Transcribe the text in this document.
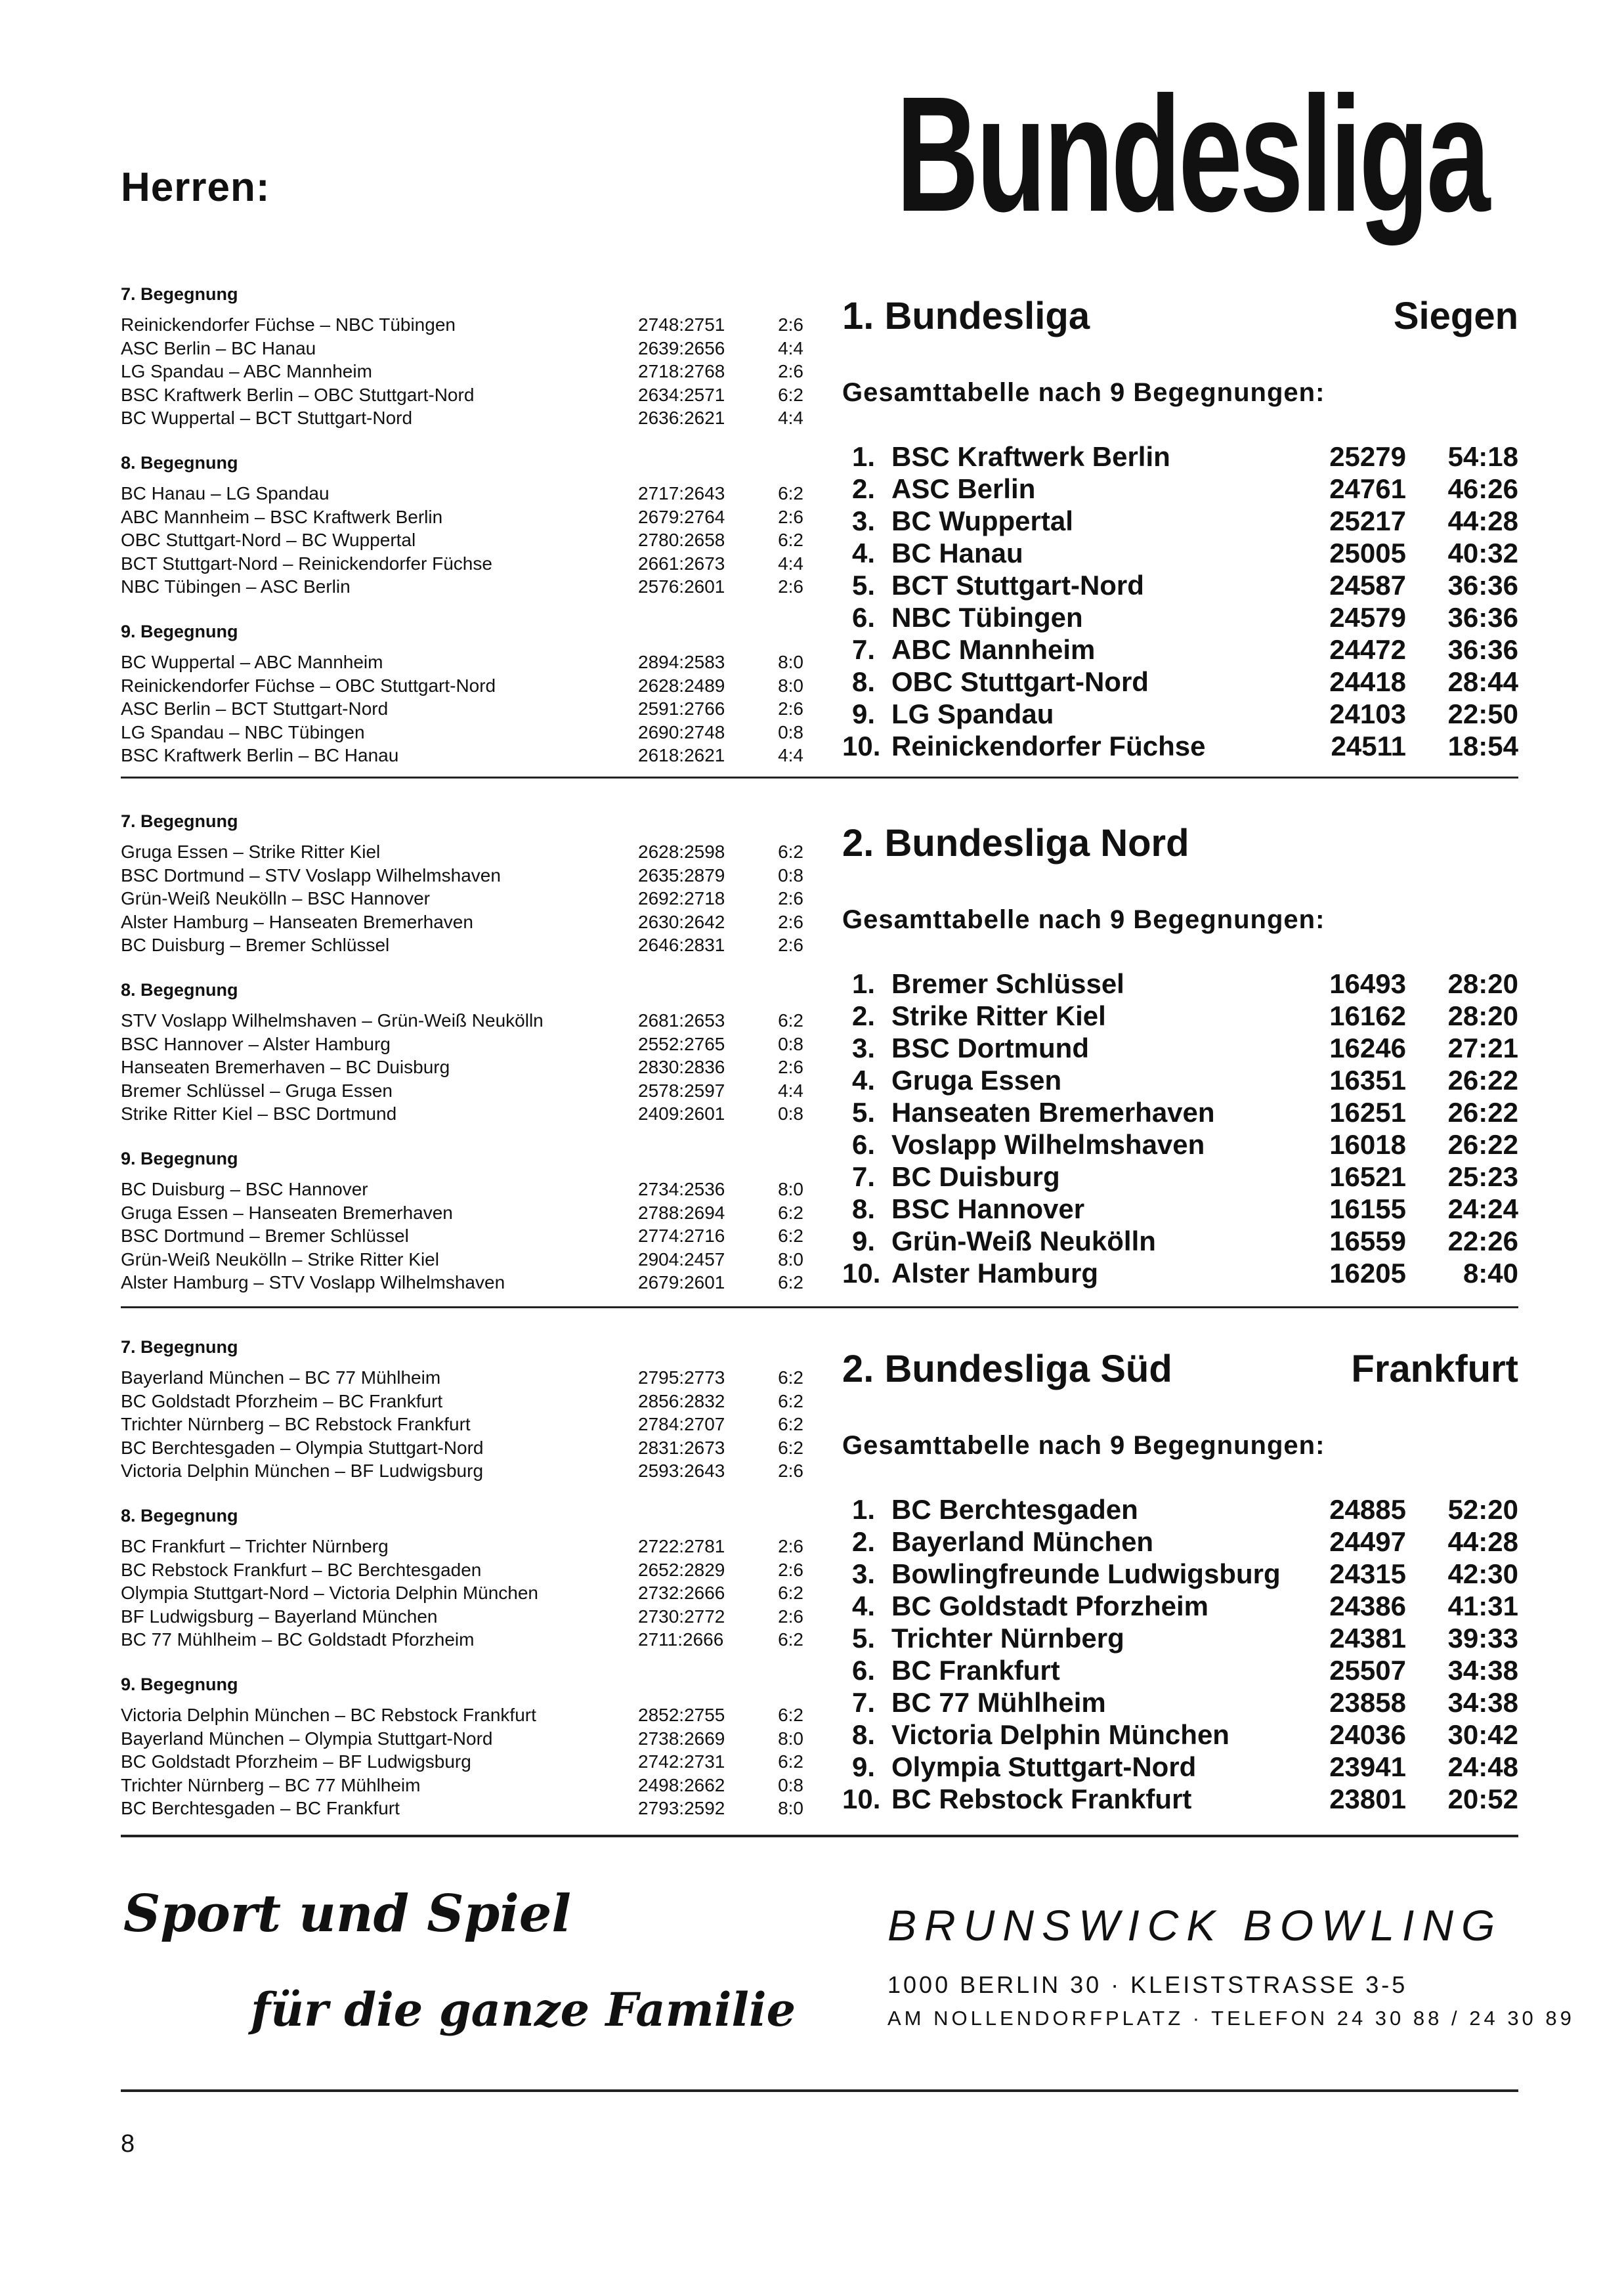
Herren:	Bundesliga
7. Begegnung
Reinickendorfer Füchse – NBC Tübingen	2748:2751	2:6
ASC Berlin – BC Hanau	2639:2656	4:4
LG Spandau – ABC Mannheim	2718:2768	2:6
BSC Kraftwerk Berlin – OBC Stuttgart-Nord	2634:2571	6:2
BC Wuppertal – BCT Stuttgart-Nord	2636:2621	4:4
8. Begegnung
BC Hanau – LG Spandau	2717:2643	6:2
ABC Mannheim – BSC Kraftwerk Berlin	2679:2764	2:6
OBC Stuttgart-Nord – BC Wuppertal	2780:2658	6:2
BCT Stuttgart-Nord – Reinickendorfer Füchse	2661:2673	4:4
NBC Tübingen – ASC Berlin	2576:2601	2:6
9. Begegnung
BC Wuppertal – ABC Mannheim	2894:2583	8:0
Reinickendorfer Füchse – OBC Stuttgart-Nord	2628:2489	8:0
ASC Berlin – BCT Stuttgart-Nord	2591:2766	2:6
LG Spandau – NBC Tübingen	2690:2748	0:8
BSC Kraftwerk Berlin – BC Hanau	2618:2621	4:4
1. Bundesliga	Siegen
Gesamttabelle nach 9 Begegnungen:
1. BSC Kraftwerk Berlin	25279 54:18
2. ASC Berlin	24761 46:26
3. BC Wuppertal	25217 44:28
4. BC Hanau	25005 40:32
5. BCT Stuttgart-Nord	24587 36:36
6. NBC Tübingen	24579 36:36
7. ABC Mannheim	24472 36:36
8. OBC Stuttgart-Nord	24418 28:44
9. LG Spandau	24103 22:50
10. Reinickendorfer Füchse	24511 18:54
7. Begegnung
Gruga Essen – Strike Ritter Kiel	2628:2598	6:2
BSC Dortmund – STV Voslapp Wilhelmshaven	2635:2879	0:8
Grün-Weiß Neukölln – BSC Hannover	2692:2718	2:6
Alster Hamburg – Hanseaten Bremerhaven	2630:2642	2:6
BC Duisburg – Bremer Schlüssel	2646:2831	2:6
8. Begegnung
STV Voslapp Wilhelmshaven – Grün-Weiß Neukölln	2681:2653	6:2
BSC Hannover – Alster Hamburg	2552:2765	0:8
Hanseaten Bremerhaven – BC Duisburg	2830:2836	2:6
Bremer Schlüssel – Gruga Essen	2578:2597	4:4
Strike Ritter Kiel – BSC Dortmund	2409:2601	0:8
9. Begegnung
BC Duisburg – BSC Hannover	2734:2536	8:0
Gruga Essen – Hanseaten Bremerhaven	2788:2694	6:2
BSC Dortmund – Bremer Schlüssel	2774:2716	6:2
Grün-Weiß Neukölln – Strike Ritter Kiel	2904:2457	8:0
Alster Hamburg – STV Voslapp Wilhelmshaven	2679:2601	6:2
2. Bundesliga Nord
Gesamttabelle nach 9 Begegnungen:
1. Bremer Schlüssel	16493 28:20
2. Strike Ritter Kiel	16162 28:20
3. BSC Dortmund	16246 27:21
4. Gruga Essen	16351 26:22
5. Hanseaten Bremerhaven	16251 26:22
6. Voslapp Wilhelmshaven	16018 26:22
7. BC Duisburg	16521 25:23
8. BSC Hannover	16155 24:24
9. Grün-Weiß Neukölln	16559 22:26
10. Alster Hamburg	16205 8:40
7. Begegnung
Bayerland München – BC 77 Mühlheim	2795:2773	6:2
BC Goldstadt Pforzheim – BC Frankfurt	2856:2832	6:2
Trichter Nürnberg – BC Rebstock Frankfurt	2784:2707	6:2
BC Berchtesgaden – Olympia Stuttgart-Nord	2831:2673	6:2
Victoria Delphin München – BF Ludwigsburg	2593:2643	2:6
8. Begegnung
BC Frankfurt – Trichter Nürnberg	2722:2781	2:6
BC Rebstock Frankfurt – BC Berchtesgaden	2652:2829	2:6
Olympia Stuttgart-Nord – Victoria Delphin München	2732:2666	6:2
BF Ludwigsburg – Bayerland München	2730:2772	2:6
BC 77 Mühlheim – BC Goldstadt Pforzheim	2711:2666	6:2
9. Begegnung
Victoria Delphin München – BC Rebstock Frankfurt	2852:2755	6:2
Bayerland München – Olympia Stuttgart-Nord	2738:2669	8:0
BC Goldstadt Pforzheim – BF Ludwigsburg	2742:2731	6:2
Trichter Nürnberg – BC 77 Mühlheim	2498:2662	0:8
BC Berchtesgaden – BC Frankfurt	2793:2592	8:0
2. Bundesliga Süd	Frankfurt
Gesamttabelle nach 9 Begegnungen:
1. BC Berchtesgaden	24885 52:20
2. Bayerland München	24497 44:28
3. Bowlingfreunde Ludwigsburg 24315 42:30
4. BC Goldstadt Pforzheim	24386 41:31
5. Trichter Nürnberg	24381 39:33
6. BC Frankfurt	25507 34:38
7. BC 77 Mühlheim	23858 34:38
8. Victoria Delphin München	24036 30:42
9. Olympia Stuttgart-Nord	23941 24:48
10. BC Rebstock Frankfurt	23801 20:52
Sport und Spiel
für die ganze Familie
BRUNSWICK BOWLING
1000 BERLIN 30 · KLEISTSTRASSE 3-5
AM NOLLENDORFPLATZ · TELEFON 24 30 88 / 24 30 89
8
